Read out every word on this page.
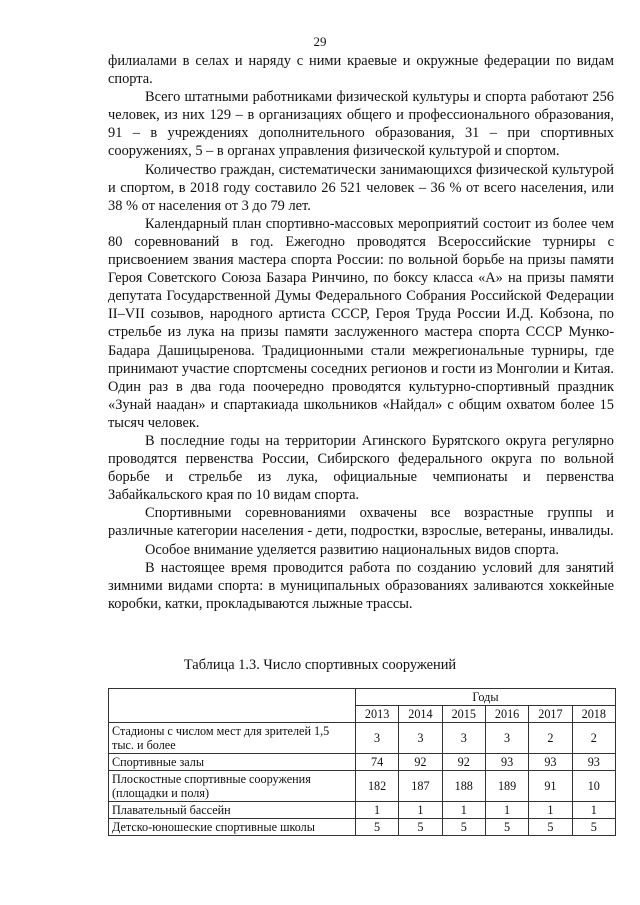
29

филиалами в селах и наряду с ними краевые и окружные федерации по видам спорта.

Всего штатными работниками физической культуры и спорта работают 256 человек, из них 129 – в организациях общего и профессионального образования, 91 – в учреждениях дополнительного образования, 31 – при спортивных сооружениях, 5 – в органах управления физической культурой и спортом.

Количество граждан, систематически занимающихся физической культурой и спортом, в 2018 году составило 26 521 человек – 36 % от всего населения, или 38 % от населения от 3 до 79 лет.

Календарный план спортивно-массовых мероприятий состоит из более чем 80 соревнований в год. Ежегодно проводятся Всероссийские турниры с присвоением звания мастера спорта России: по вольной борьбе на призы памяти Героя Советского Союза Базара Ринчино, по боксу класса «А» на призы памяти депутата Государственной Думы Федерального Собрания Российской Федерации II–VII созывов, народного артиста СССР, Героя Труда России И.Д. Кобзона, по стрельбе из лука на призы памяти заслуженного мастера спорта СССР Мунко-Бадара Дашицыренова. Традиционными стали межрегиональные турниры, где принимают участие спортсмены соседних регионов и гости из Монголии и Китая. Один раз в два года поочередно проводятся культурно-спортивный праздник «Зунай наадан» и спартакиада школьников «Найдал» с общим охватом более 15 тысяч человек.

В последние годы на территории Агинского Бурятского округа регулярно проводятся первенства России, Сибирского федерального округа по вольной борьбе и стрельбе из лука, официальные чемпионаты и первенства Забайкальского края по 10 видам спорта.

Спортивными соревнованиями охвачены все возрастные группы и различные категории населения - дети, подростки, взрослые, ветераны, инвалиды.

Особое внимание уделяется развитию национальных видов спорта.

В настоящее время проводится работа по созданию условий для занятий зимними видами спорта: в муниципальных образованиях заливаются хоккейные коробки, катки, прокладываются лыжные трассы.

Таблица 1.3. Число спортивных сооружений
	Годы					
	2013	2014	2015	2016	2017	2018
Стадионы с числом мест для зрителей 1,5 тыс. и более	3	3	3	3	2	2
Спортивные залы	74	92	92	93	93	93
Плоскостные спортивные сооружения (площадки и поля)	182	187	188	189	91	10
Плавательный бассейн	1	1	1	1	1	1
Детско-юношеские спортивные школы	5	5	5	5	5	5
